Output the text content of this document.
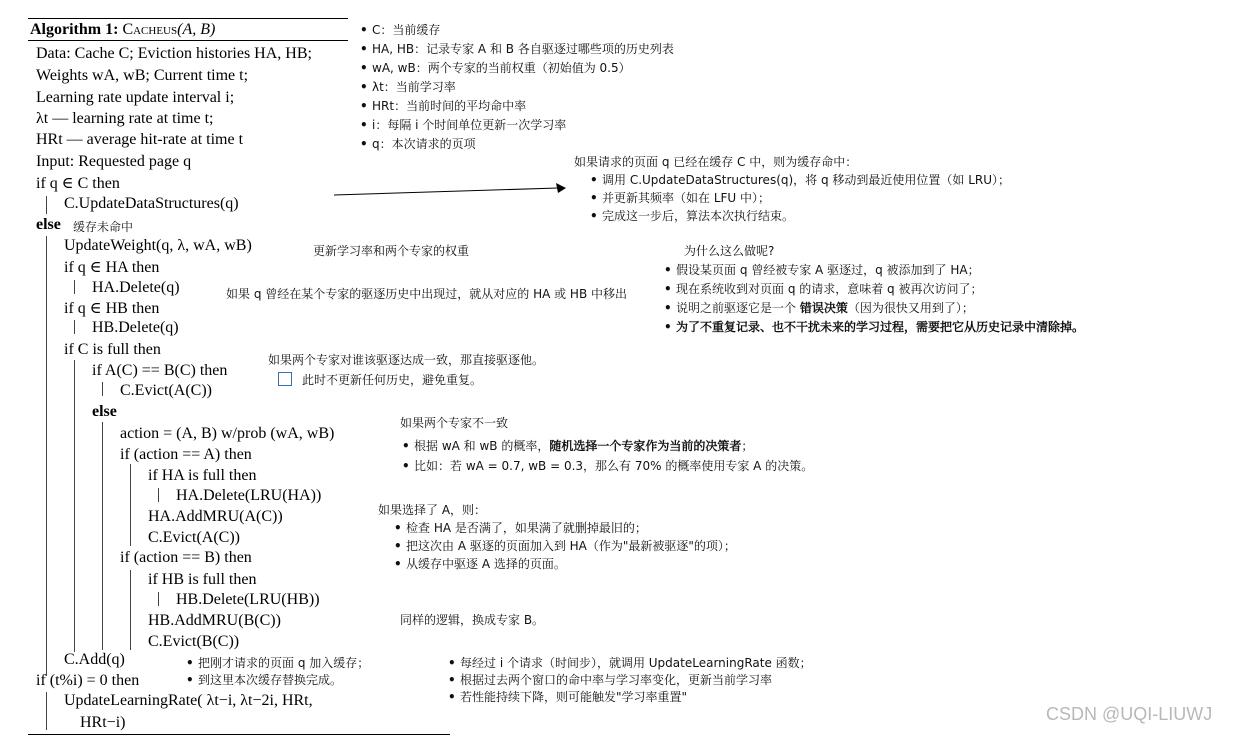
Algorithm 1: Cacheus(A, B)
Data: Cache C; Eviction histories HA, HB;
Weights wA, wB; Current time t;
Learning rate update interval i;
λt — learning rate at time t;
HRt — average hit-rate at time t
Input: Requested page q
if q ∈ C then
C.UpdateDataStructures(q)
else
UpdateWeight(q, λ, wA, wB)
if q ∈ HA then
HA.Delete(q)
if q ∈ HB then
HB.Delete(q)
if C is full then
if A(C) == B(C) then
C.Evict(A(C))
else
action = (A, B) w/prob (wA, wB)
if (action == A) then
if HA is full then
HA.Delete(LRU(HA))
HA.AddMRU(A(C))
C.Evict(A(C))
if (action == B) then
if HB is full then
HB.Delete(LRU(HB))
HB.AddMRU(B(C))
C.Evict(B(C))
C.Add(q)
if (t%i) = 0 then
UpdateLearningRate( λt−i, λt−2i, HRt,
HRt−i)
• C：当前缓存
• HA, HB：记录专家 A 和 B 各自驱逐过哪些项的历史列表
• wA, wB：两个专家的当前权重（初始值为 0.5）
• λt：当前学习率
• HRt：当前时间的平均命中率
• i：每隔 i 个时间单位更新一次学习率
• q：本次请求的页项
如果请求的页面 q 已经在缓存 C 中，则为缓存命中：
• 调用 C.UpdateDataStructures(q)，将 q 移动到最近使用位置（如 LRU）；
• 并更新其频率（如在 LFU 中）；
• 完成这一步后，算法本次执行结束。
缓存未命中
更新学习率和两个专家的权重
如果 q 曾经在某个专家的驱逐历史中出现过，就从对应的 HA 或 HB 中移出
为什么这么做呢?
• 假设某页面 q 曾经被专家 A 驱逐过，q 被添加到了 HA；
• 现在系统收到对页面 q 的请求，意味着 q 被再次访问了；
• 说明之前驱逐它是一个 错误决策（因为很快又用到了）；
• 为了不重复记录、也不干扰未来的学习过程，需要把它从历史记录中清除掉。
如果两个专家对谁该驱逐达成一致，那直接驱逐他。
此时不更新任何历史，避免重复。
如果两个专家不一致
• 根据 wA 和 wB 的概率，随机选择一个专家作为当前的决策者；
• 比如：若 wA = 0.7, wB = 0.3，那么有 70% 的概率使用专家 A 的决策。
如果选择了 A，则：
• 检查 HA 是否满了，如果满了就删掉最旧的；
• 把这次由 A 驱逐的页面加入到 HA（作为"最新被驱逐"的项）；
• 从缓存中驱逐 A 选择的页面。
同样的逻辑，换成专家 B。
• 把刚才请求的页面 q 加入缓存；
• 到这里本次缓存替换完成。
• 每经过 i 个请求（时间步），就调用 UpdateLearningRate 函数；
• 根据过去两个窗口的命中率与学习率变化，更新当前学习率
• 若性能持续下降，则可能触发"学习率重置"
CSDN @UQI-LIUWJ
